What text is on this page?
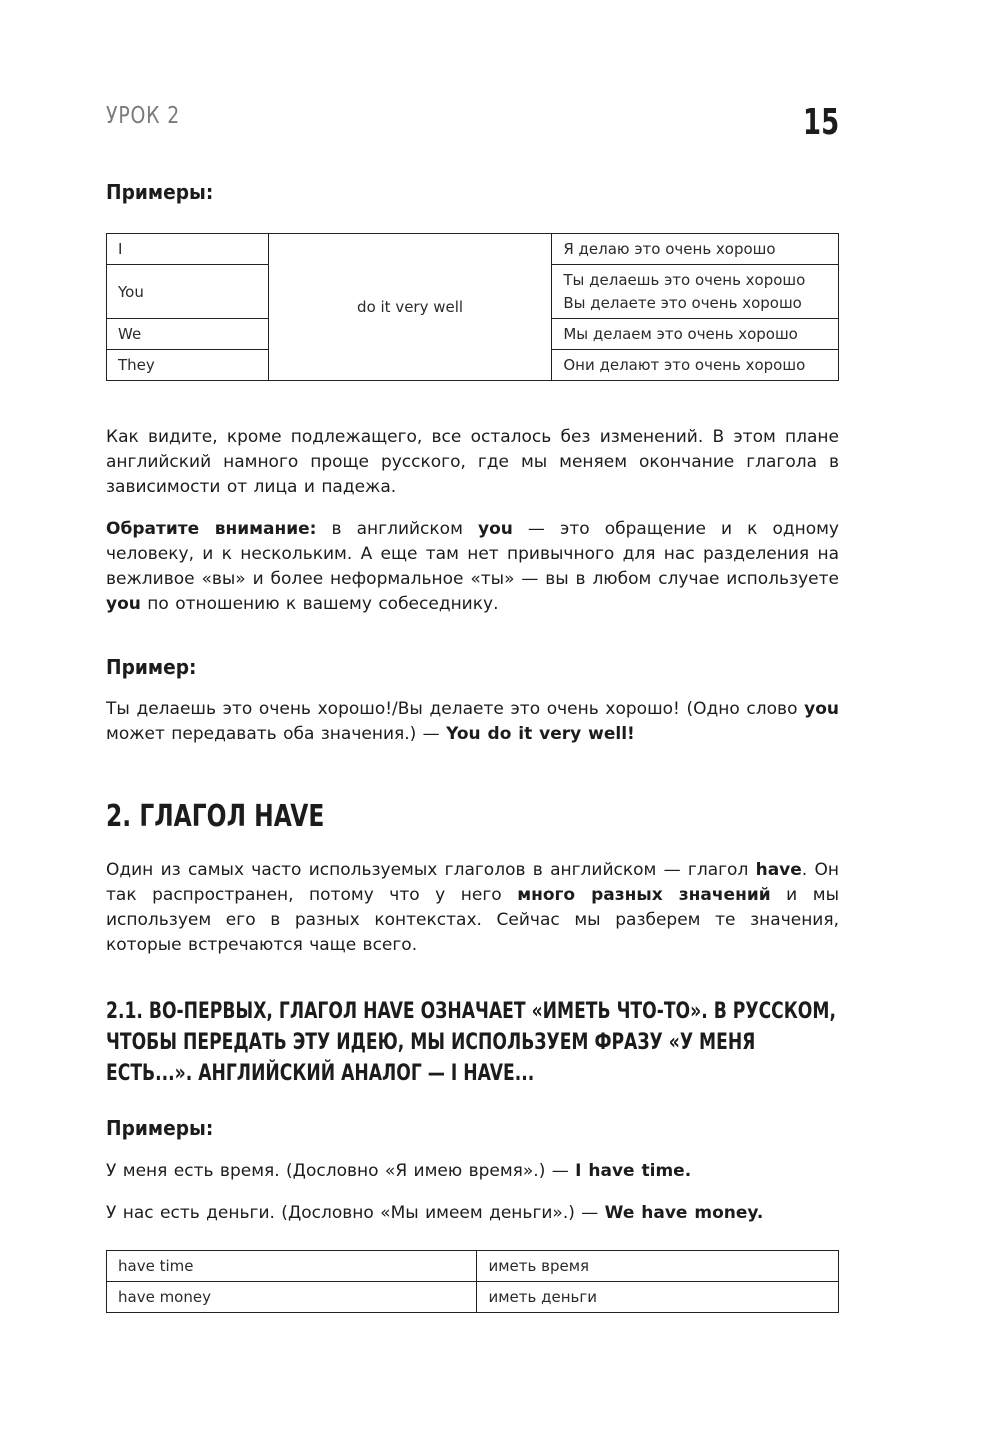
УРОК 2	15
Примеры:
I	do it very well	Я делаю это очень хорошо
You		Ты делаешь это очень хорошо
Вы делаете это очень хорошо

We		Мы делаем это очень хорошо
They		Они делают это очень хорошо

Как видите, кроме подлежащего, все осталось без изменений. В этом плане английский намного проще русского, где мы меняем окончание глагола в зависимости от лица и падежа.

Обратите внимание: в английском you — это обращение и к одному человеку, и к нескольким. А еще там нет привычного для нас разделения на вежливое «вы» и более неформальное «ты» — вы в любом случае используете you по отношению к вашему собеседнику.

Пример:

Ты делаешь это очень хорошо!/Вы делаете это очень хорошо! (Одно слово you может передавать оба значения.) — You do it very well!

2. ГЛАГОЛ HAVE

Один из самых часто используемых глаголов в английском — глагол have. Он так распространен, потому что у него много разных значений и мы используем его в разных контекстах. Сейчас мы разберем те значения, которые встречаются чаще всего.

2.1. ВО-ПЕРВЫХ, ГЛАГОЛ HAVE ОЗНАЧАЕТ «ИМЕТЬ ЧТО-ТО». В РУССКОМ, ЧТОБЫ ПЕРЕДАТЬ ЭТУ ИДЕЮ, МЫ ИСПОЛЬЗУЕМ ФРАЗУ «У МЕНЯ ЕСТЬ...». АНГЛИЙСКИЙ АНАЛОГ — I HAVE...
Примеры:

У меня есть время. (Дословно «Я имею время».) — I have time.

У нас есть деньги. (Дословно «Мы имеем деньги».) — We have money.

have time	иметь время
have money	иметь деньги
